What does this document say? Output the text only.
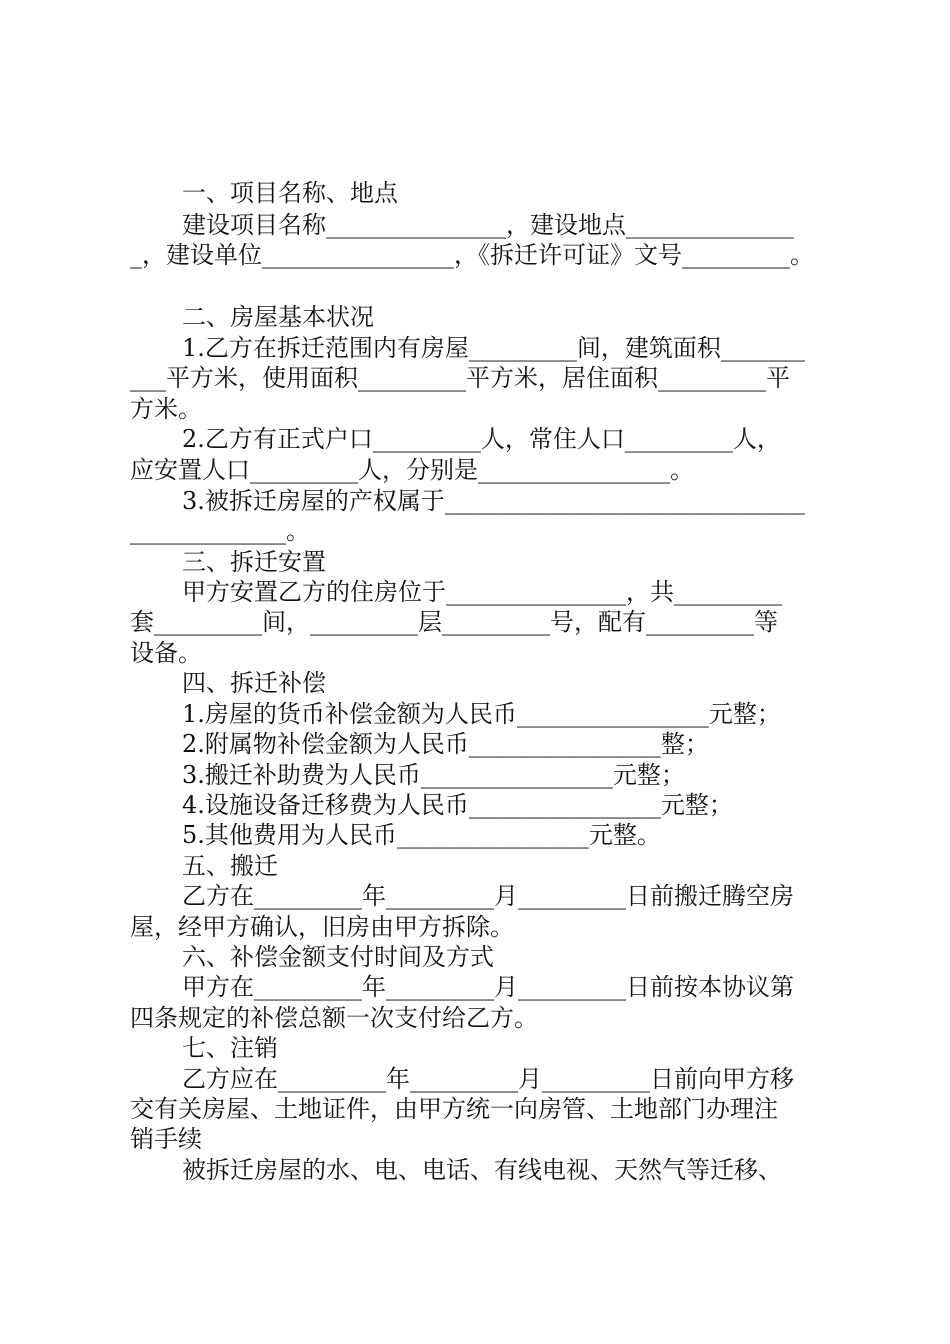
一、项目名称、地点
建设项目名称_______________，建设地点______________
_，建设单位________________，《拆迁许可证》文号_________。
二、房屋基本状况
1.乙方在拆迁范围内有房屋_________间，建筑面积_______
___平方米，使用面积_________平方米，居住面积_________平
方米。
2.乙方有正式户口_________人，常住人口_________人，
应安置人口_________人，分别是________________。
3.被拆迁房屋的产权属于______________________________
_____________。
三、拆迁安置
甲方安置乙方的住房位于_______________，共_________
套_________间，_________层_________号，配有_________等
设备。
四、拆迁补偿
1.房屋的货币补偿金额为人民币________________元整；
2.附属物补偿金额为人民币________________整；
3.搬迁补助费为人民币________________元整；
4.设施设备迁移费为人民币________________元整；
5.其他费用为人民币________________元整。
五、搬迁
乙方在_________年_________月_________日前搬迁腾空房
屋，经甲方确认，旧房由甲方拆除。
六、补偿金额支付时间及方式
甲方在_________年_________月_________日前按本协议第
四条规定的补偿总额一次支付给乙方。
七、注销
乙方应在_________年_________月_________日前向甲方移
交有关房屋、土地证件，由甲方统一向房管、土地部门办理注
销手续
被拆迁房屋的水、电、电话、有线电视、天然气等迁移、
